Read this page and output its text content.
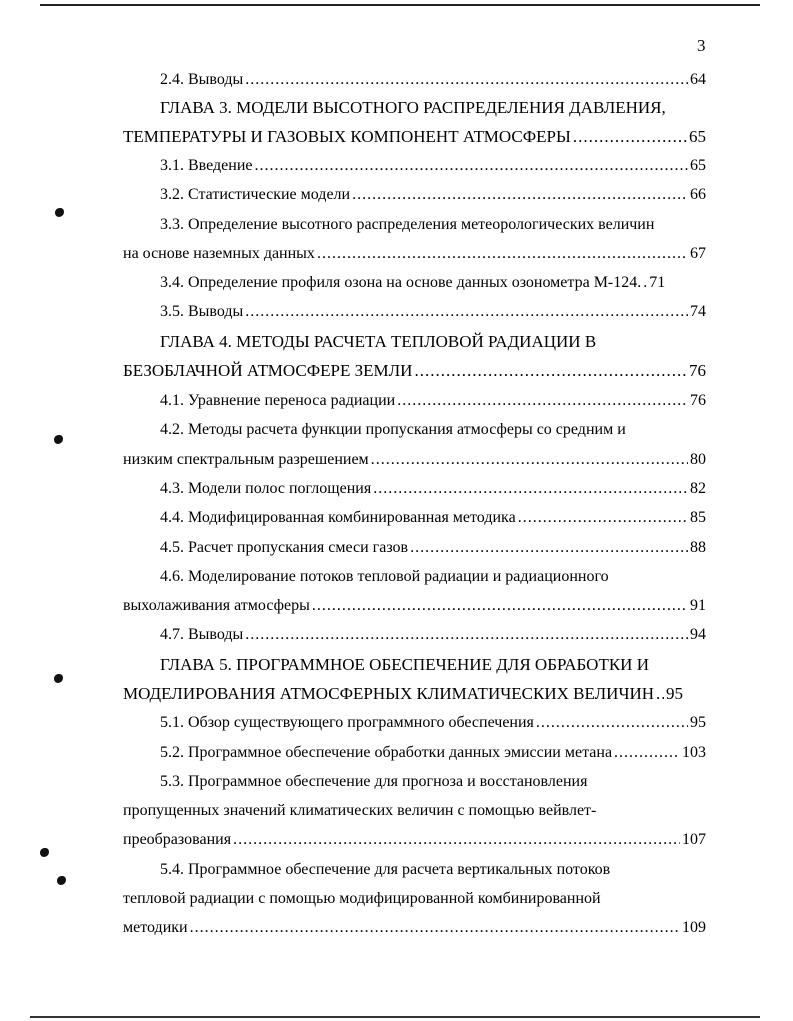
3
2.4. Выводы .....	64
ГЛАВА 3. МОДЕЛИ ВЫСОТНОГО РАСПРЕДЕЛЕНИЯ ДАВЛЕНИЯ,
ТЕМПЕРАТУРЫ И ГАЗОВЫХ КОМПОНЕНТ АТМОСФЕРЫ .....	65
3.1. Введение .....	65
3.2. Статистические модели .....	66
3.3. Определение высотного распределения метеорологических величин
на основе наземных данных .....	67
3.4. Определение профиля озона на основе данных озонометра М-124. ..... 71
3.5. Выводы .....	74
ГЛАВА 4. МЕТОДЫ РАСЧЕТА ТЕПЛОВОЙ РАДИАЦИИ В
БЕЗОБЛАЧНОЙ АТМОСФЕРЕ ЗЕМЛИ .....	76
4.1. Уравнение переноса радиации .....	76
4.2. Методы расчета функции пропускания атмосферы со средним и
низким спектральным разрешением .....	80
4.3. Модели полос поглощения .....	82
4.4. Модифицированная комбинированная методика .....	85
4.5. Расчет пропускания смеси газов .....	88
4.6. Моделирование потоков тепловой радиации и радиационного
выхолаживания атмосферы .....	91
4.7. Выводы .....	94
ГЛАВА 5. ПРОГРАММНОЕ ОБЕСПЕЧЕНИЕ ДЛЯ ОБРАБОТКИ И
МОДЕЛИРОВАНИЯ АТМОСФЕРНЫХ КЛИМАТИЧЕСКИХ ВЕЛИЧИН ..... 95
5.1. Обзор существующего программного обеспечения .....	95
5.2. Программное обеспечение обработки данных эмиссии метана .....	103
5.3. Программное обеспечение для прогноза и восстановления
пропущенных значений климатических величин с помощью вейвлет-
преобразования .....	107
5.4. Программное обеспечение для расчета вертикальных потоков
тепловой радиации с помощью модифицированной комбинированной
методики .....	109
